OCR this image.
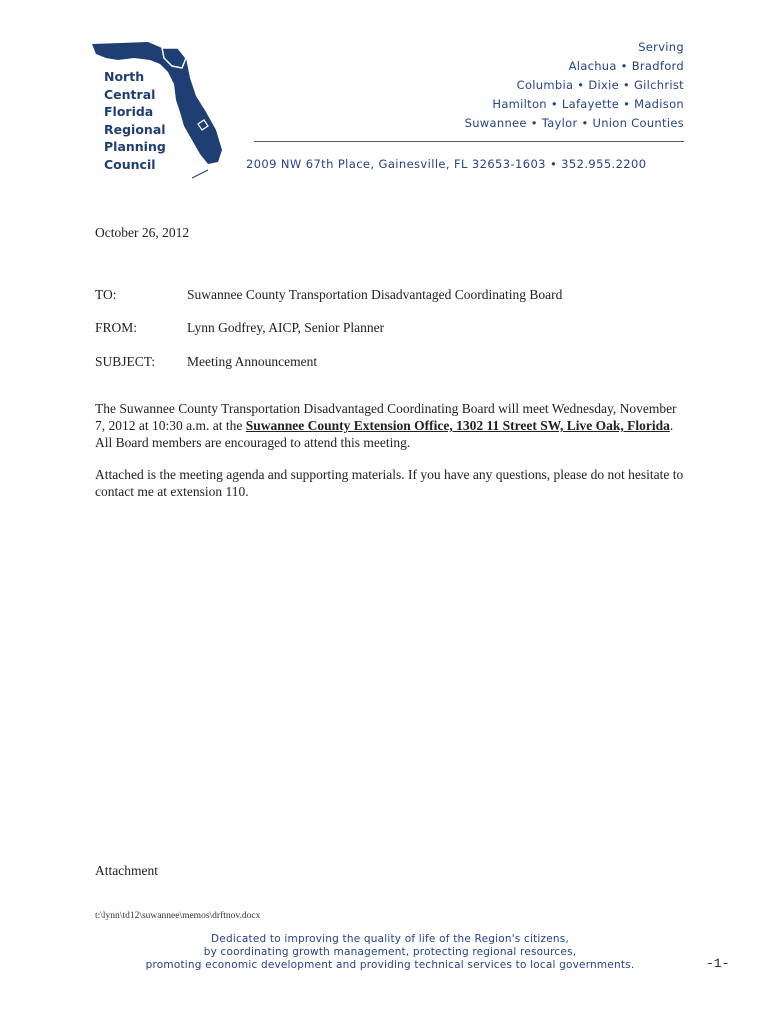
North
Central
Florida
Regional
Planning
Council
Serving
Alachua • Bradford
Columbia • Dixie • Gilchrist
Hamilton • Lafayette • Madison
Suwannee • Taylor • Union Counties
2009 NW 67th Place, Gainesville, FL 32653-1603 • 352.955.2200
October 26, 2012
TO:	Suwannee County Transportation Disadvantaged Coordinating Board
FROM:	Lynn Godfrey, AICP, Senior Planner
SUBJECT: Meeting Announcement
The Suwannee County Transportation Disadvantaged Coordinating Board will meet Wednesday, November 7, 2012 at 10:30 a.m. at the Suwannee County Extension Office, 1302 11 Street SW, Live Oak, Florida. All Board members are encouraged to attend this meeting.
Attached is the meeting agenda and supporting materials. If you have any questions, please do not hesitate to contact me at extension 110.
Attachment
t:\lynn\td12\suwannee\memos\drftnov.docx
Dedicated to improving the quality of life of the Region's citizens,
by coordinating growth management, protecting regional resources,
promoting economic development and providing technical services to local governments.	-1-
